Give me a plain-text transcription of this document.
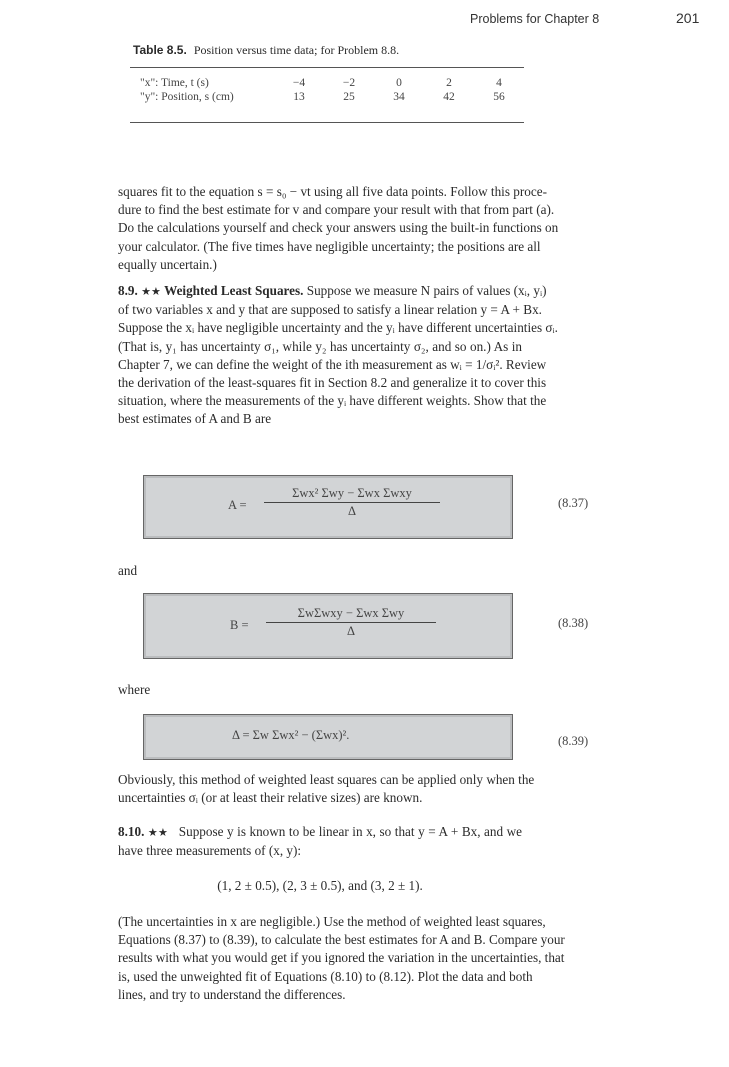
Problems for Chapter 8	201
Table 8.5. Position versus time data; for Problem 8.8.
"x": Time, t (s)	−4	−2	0	2	4
"y": Position, s (cm)	13	25	34	42	56
squares fit to the equation s = s₀ − vt using all five data points. Follow this proce-
dure to find the best estimate for v and compare your result with that from part (a).
Do the calculations yourself and check your answers using the built-in functions on
your calculator. (The five times have negligible uncertainty; the positions are all
equally uncertain.)
8.9. ★★ Weighted Least Squares. Suppose we measure N pairs of values (xᵢ, yᵢ)
of two variables x and y that are supposed to satisfy a linear relation y = A + Bx.
Suppose the xᵢ have negligible uncertainty and the yᵢ have different uncertainties σᵢ.
(That is, y₁ has uncertainty σ₁, while y₂ has uncertainty σ₂, and so on.) As in
Chapter 7, we can define the weight of the ith measurement as wᵢ = 1/σᵢ². Review
the derivation of the least-squares fit in Section 8.2 and generalize it to cover this
situation, where the measurements of the yᵢ have different weights. Show that the
best estimates of A and B are
A =
Σwx² Σwy − Σwx Σwxy
Δ
(8.37)
and
B =
ΣwΣwxy − Σwx Σwy
Δ
(8.38)
where
Δ = Σw Σwx² − (Σwx)².	(8.39)
Obviously, this method of weighted least squares can be applied only when the
uncertainties σᵢ (or at least their relative sizes) are known.
8.10. ★★ Suppose y is known to be linear in x, so that y = A + Bx, and we
have three measurements of (x, y):
(1, 2 ± 0.5), (2, 3 ± 0.5), and (3, 2 ± 1).
(The uncertainties in x are negligible.) Use the method of weighted least squares,
Equations (8.37) to (8.39), to calculate the best estimates for A and B. Compare your
results with what you would get if you ignored the variation in the uncertainties, that
is, used the unweighted fit of Equations (8.10) to (8.12). Plot the data and both
lines, and try to understand the differences.
